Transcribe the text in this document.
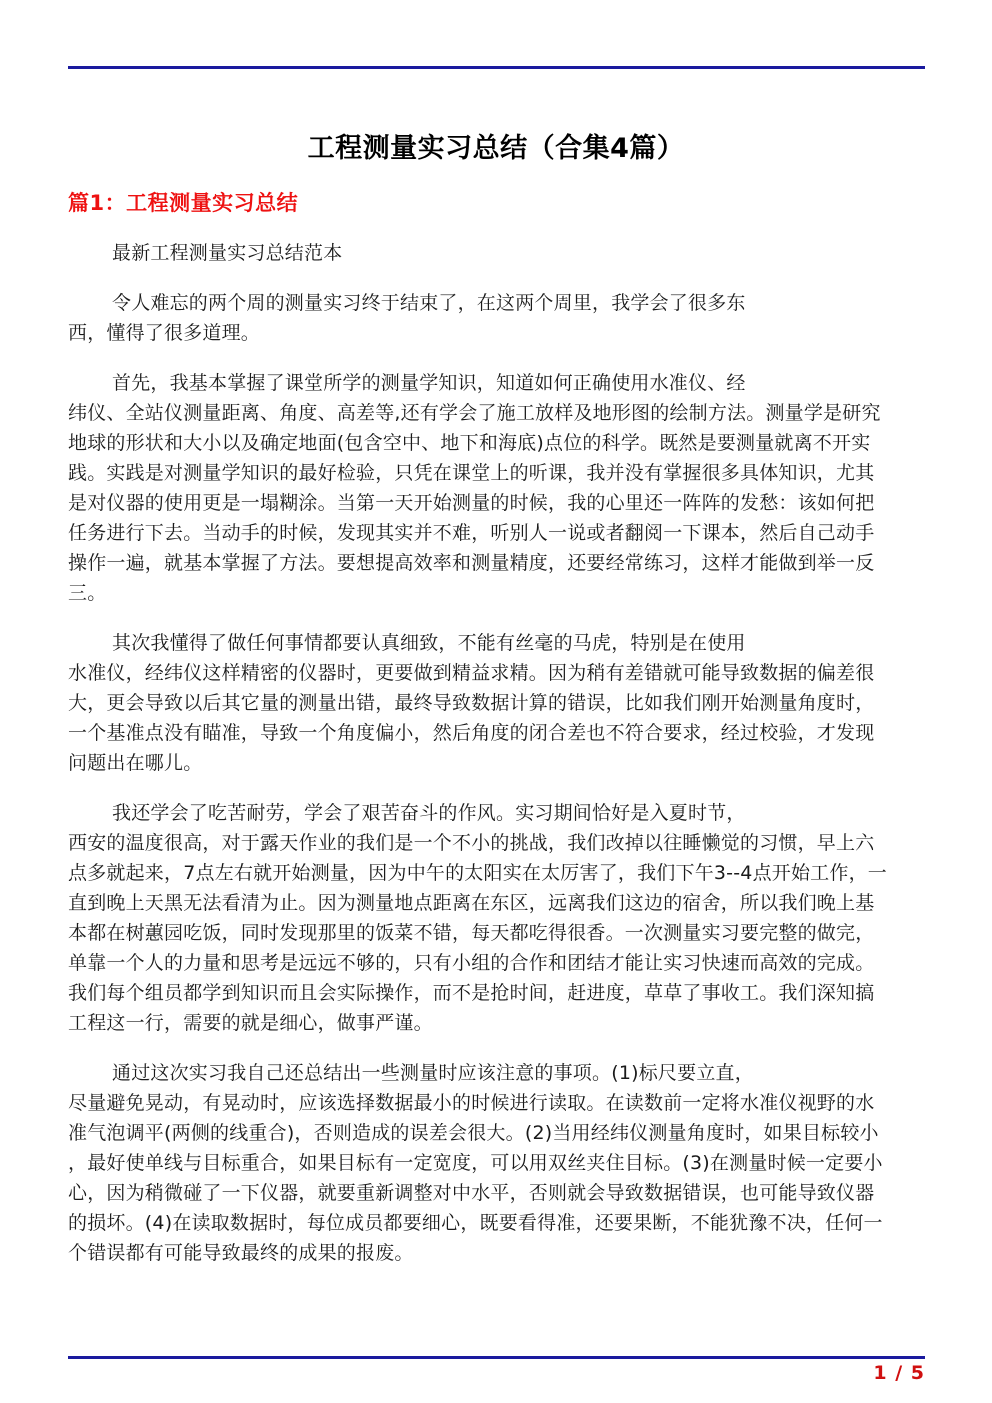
工程测量实习总结（合集4篇）
篇1：工程测量实习总结

最新工程测量实习总结范本

令人难忘的两个周的测量实习终于结束了，在这两个周里，我学会了很多东
西，懂得了很多道理。

首先，我基本掌握了课堂所学的测量学知识，知道如何正确使用水准仪、经
纬仪、全站仪测量距离、角度、高差等,还有学会了施工放样及地形图的绘制方法。测量学是研究
地球的形状和大小以及确定地面(包含空中、地下和海底)点位的科学。既然是要测量就离不开实
践。实践是对测量学知识的最好检验，只凭在课堂上的听课，我并没有掌握很多具体知识，尤其
是对仪器的使用更是一塌糊涂。当第一天开始测量的时候，我的心里还一阵阵的发愁：该如何把
任务进行下去。当动手的时候，发现其实并不难，听别人一说或者翻阅一下课本，然后自己动手
操作一遍，就基本掌握了方法。要想提高效率和测量精度，还要经常练习，这样才能做到举一反
三。

其次我懂得了做任何事情都要认真细致，不能有丝毫的马虎，特别是在使用
水准仪，经纬仪这样精密的仪器时，更要做到精益求精。因为稍有差错就可能导致数据的偏差很
大，更会导致以后其它量的测量出错，最终导致数据计算的错误，比如我们刚开始测量角度时，
一个基准点没有瞄准，导致一个角度偏小，然后角度的闭合差也不符合要求，经过校验，才发现
问题出在哪儿。

我还学会了吃苦耐劳，学会了艰苦奋斗的作风。实习期间恰好是入夏时节，
西安的温度很高，对于露天作业的我们是一个不小的挑战，我们改掉以往睡懒觉的习惯，早上六
点多就起来，7点左右就开始测量，因为中午的太阳实在太厉害了，我们下午3--4点开始工作，一
直到晚上天黑无法看清为止。因为测量地点距离在东区，远离我们这边的宿舍，所以我们晚上基
本都在树蕙园吃饭，同时发现那里的饭菜不错，每天都吃得很香。一次测量实习要完整的做完，
单靠一个人的力量和思考是远远不够的，只有小组的合作和团结才能让实习快速而高效的完成。
我们每个组员都学到知识而且会实际操作，而不是抢时间，赶进度，草草了事收工。我们深知搞
工程这一行，需要的就是细心，做事严谨。

通过这次实习我自己还总结出一些测量时应该注意的事项。(1)标尺要立直，
尽量避免晃动，有晃动时，应该选择数据最小的时候进行读取。在读数前一定将水准仪视野的水
准气泡调平(两侧的线重合)，否则造成的误差会很大。(2)当用经纬仪测量角度时，如果目标较小
，最好使单线与目标重合，如果目标有一定宽度，可以用双丝夹住目标。(3)在测量时候一定要小
心，因为稍微碰了一下仪器，就要重新调整对中水平，否则就会导致数据错误，也可能导致仪器
的损坏。(4)在读取数据时，每位成员都要细心，既要看得准，还要果断，不能犹豫不决，任何一
个错误都有可能导致最终的成果的报废。

1 / 5
